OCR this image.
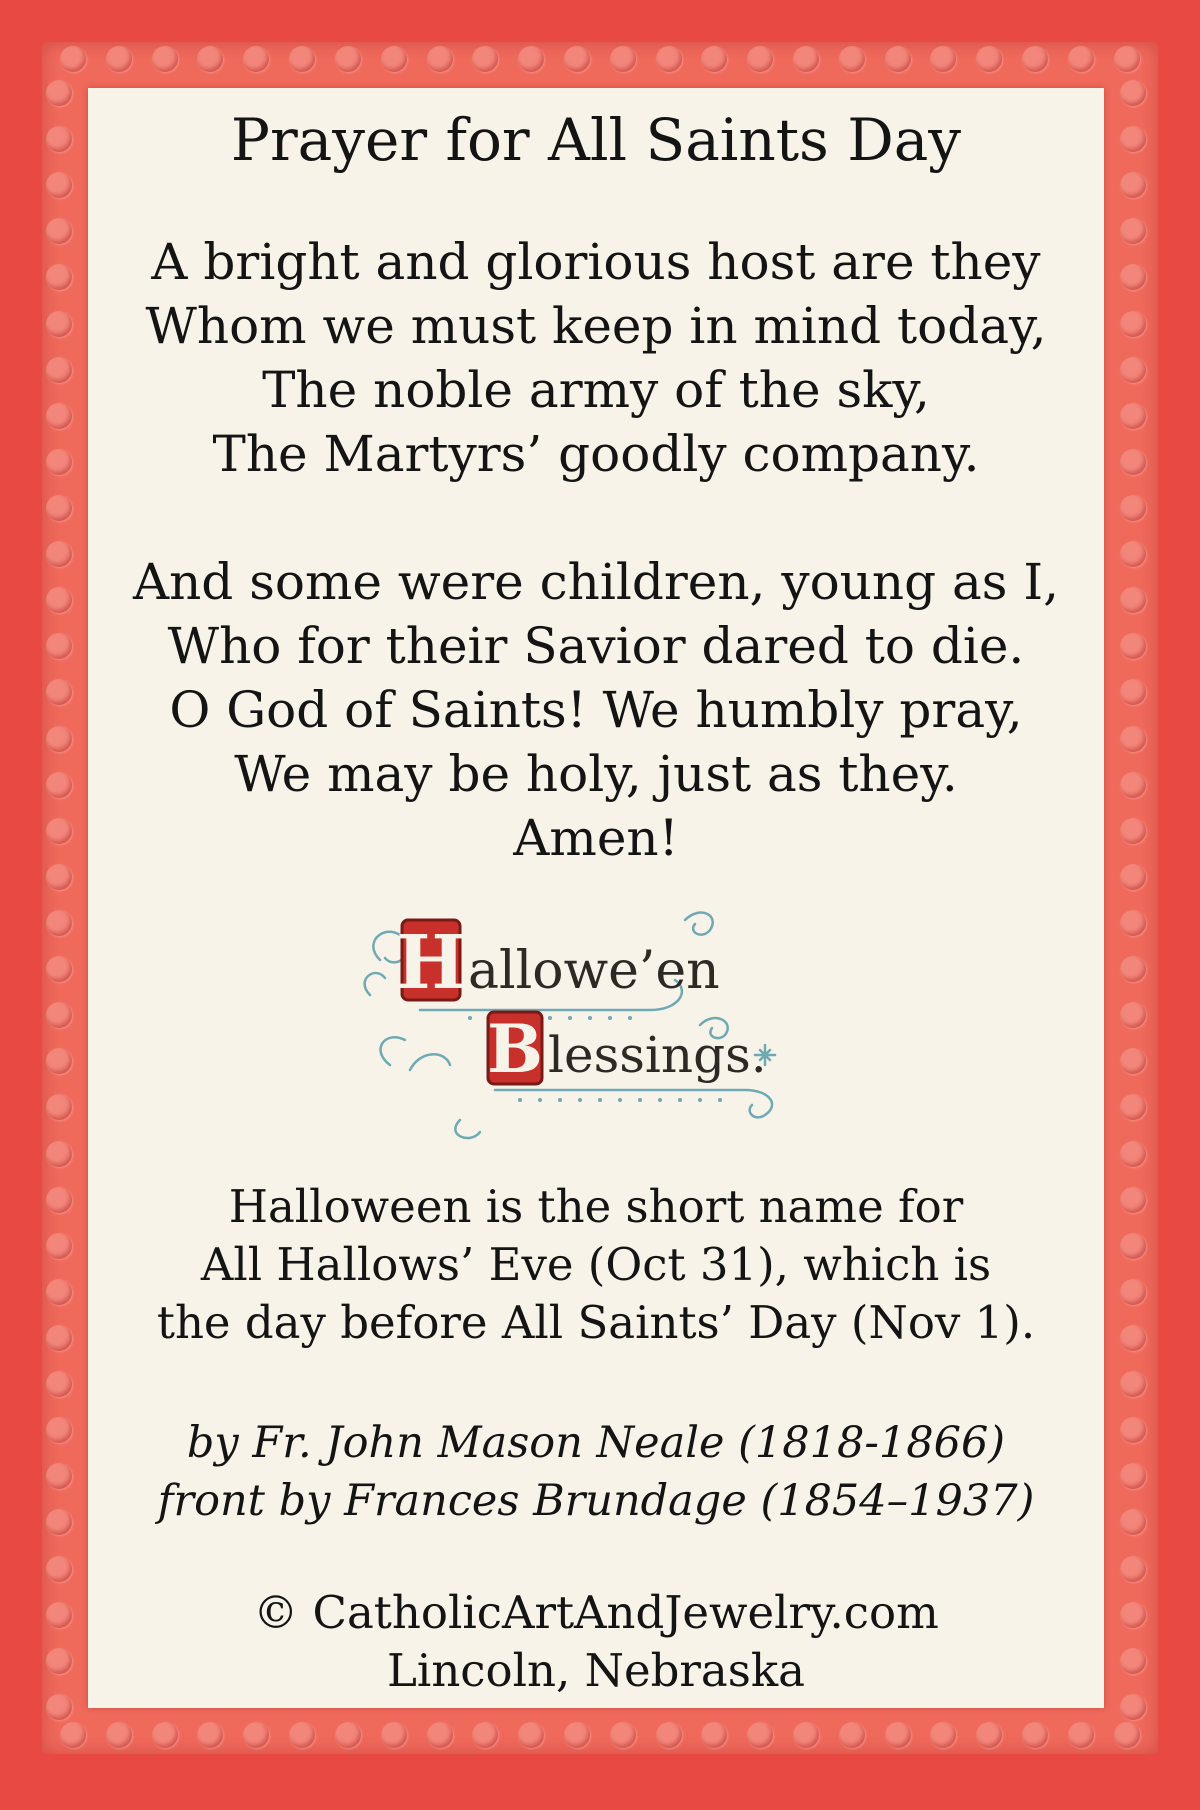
Prayer for All Saints Day
A bright and glorious host are they
Whom we must keep in mind today,
The noble army of the sky,
The Martyrs’ goodly company.
And some were children, young as I,
Who for their Savior dared to die.
O God of Saints! We humbly pray,
We may be holy, just as they.
Amen!
H allowe’en
B lessings.
Halloween is the short name for
All Hallows’ Eve (Oct 31), which is
the day before All Saints’ Day (Nov 1).
by Fr. John Mason Neale (1818-1866)
front by Frances Brundage (1854–1937)
© CatholicArtAndJewelry.com
Lincoln, Nebraska
